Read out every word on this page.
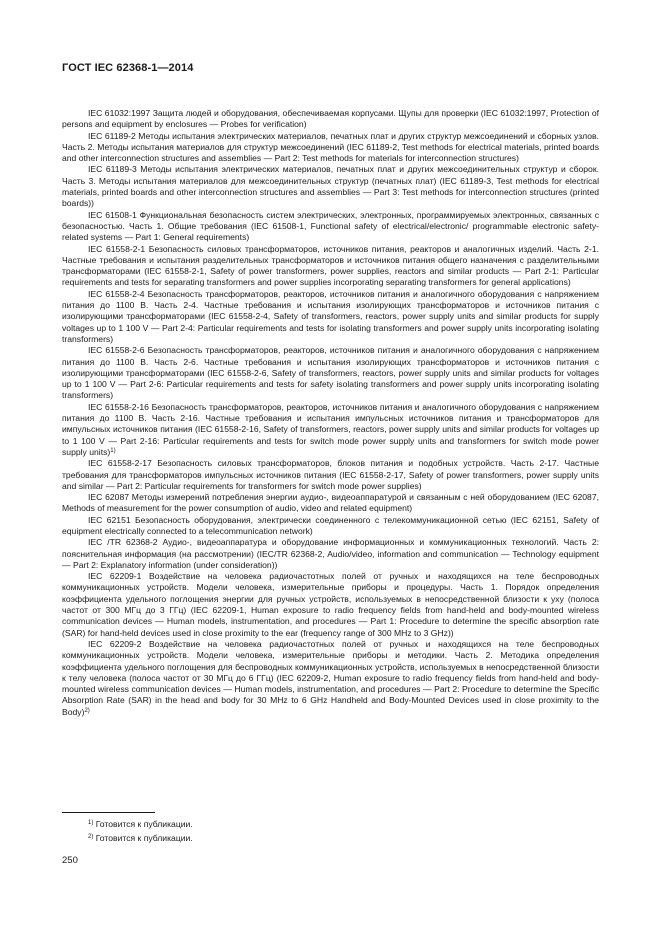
ГОСТ IEC 62368-1—2014

IEC 61032:1997 Защита людей и оборудования, обеспечиваемая корпусами. Щупы для проверки (IEC 61032:1997, Protection of persons and equipment by enclosures — Probes for verification)

IEC 61189-2 Методы испытания электрических материалов, печатных плат и других структур межсоединений и сборных узлов. Часть 2. Методы испытания материалов для структур межсоединений (IEC 61189-2, Test methods for electrical materials, printed boards and other interconnection structures and assemblies — Part 2: Test methods for materials for interconnection structures)

IEC 61189-3 Методы испытания электрических материалов, печатных плат и других межсоединительных структур и сборок. Часть 3. Методы испытания материалов для межсоединительных структур (печатных плат) (IEC 61189-3, Test methods for electrical materials, printed boards and other interconnection structures and assemblies — Part 3: Test methods for interconnection structures (printed boards))

IEC 61508-1 Функциональная безопасность систем электрических, электронных, программируемых электронных, связанных с безопасностью. Часть 1. Общие требования (IEC 61508-1, Functional safety of electrical/electronic/ programmable electronic safety-related systems — Part 1: General requirements)

IEC 61558-2-1 Безопасность силовых трансформаторов, источников питания, реакторов и аналогичных изделий. Часть 2-1. Частные требования и испытания разделительных трансформаторов и источников питания общего назначения с разделительными трансформаторами (IEC 61558-2-1, Safety of power transformers, power supplies, reactors and similar products — Part 2-1: Particular requirements and tests for separating transformers and power supplies incorporating separating transformers for general applications)

IEC 61558-2-4 Безопасность трансформаторов, реакторов, источников питания и аналогичного оборудования с напряжением питания до 1100 В. Часть 2-4. Частные требования и испытания изолирующих трансформаторов и источников питания с изолирующими трансформаторами (IEC 61558-2-4, Safety of transformers, reactors, power supply units and similar products for supply voltages up to 1 100 V — Part 2-4: Particular requirements and tests for isolating transformers and power supply units incorporating isolating transformers)

IEC 61558-2-6 Безопасность трансформаторов, реакторов, источников питания и аналогичного оборудования с напряжением питания до 1100 В. Часть 2-6. Частные требования и испытания изолирующих трансформаторов и источников питания с изолирующими трансформаторами (IEC 61558-2-6, Safety of transformers, reactors, power supply units and similar products for voltages up to 1 100 V — Part 2-6: Particular requirements and tests for safety isolating transformers and power supply units incorporating isolating transformers)

IEC 61558-2-16 Безопасность трансформаторов, реакторов, источников питания и аналогичного оборудования с напряжением питания до 1100 В. Часть 2-16. Частные требования и испытания импульсных источников питания и трансформаторов для импульсных источников питания (IEC 61558-2-16, Safety of transformers, reactors, power supply units and similar products for voltages up to 1 100 V — Part 2-16: Particular requirements and tests for switch mode power supply units and transformers for switch mode power supply units)$^{1)}$

IEC 61558-2-17 Безопасность силовых трансформаторов, блоков питания и подобных устройств. Часть 2-17. Частные требования для трансформаторов импульсных источников питания (IEC 61558-2-17, Safety of power transformers, power supply units and similar — Part 2: Particular requirements for transformers for switch mode power supplies)

IEC 62087 Методы измерений потребления энергии аудио-, видеоаппаратурой и связанным с ней оборудованием (IEC 62087, Methods of measurement for the power consumption of audio, video and related equipment)

IEC 62151 Безопасность оборудования, электрически соединенного с телекоммуникационной сетью (IEC 62151, Safety of equipment electrically connected to a telecommunication network)

IEC /TR 62368-2 Аудио-, видеоаппаратура и оборудование информационных и коммуникационных технологий. Часть 2: пояснительная информация (на рассмотрении) (IEC/TR 62368-2, Audio/video, information and communication — Technology equipment — Part 2: Explanatory information (under consideration))

IEC 62209-1 Воздействие на человека радиочастотных полей от ручных и находящихся на теле беспроводных коммуникационных устройств. Модели человека, измерительные приборы и процедуры. Часть 1. Порядок определения коэффициента удельного поглощения энергии для ручных устройств, используемых в непосредственной близости к уху (полоса частот от 300 МГц до 3 ГГц) (IEC 62209-1, Human exposure to radio frequency fields from hand-held and body-mounted wireless communication devices — Human models, instrumentation, and procedures — Part 1: Procedure to determine the specific absorption rate (SAR) for hand-held devices used in close proximity to the ear (frequency range of 300 MHz to 3 GHz))

IEC 62209-2 Воздействие на человека радиочастотных полей от ручных и находящихся на теле беспроводных коммуникационных устройств. Модели человека, измерительные приборы и методики. Часть 2. Методика определения коэффициента удельного поглощения для беспроводных коммуникационных устройств, используемых в непосредственной близости к телу человека (полоса частот от 30 МГц до 6 ГГц) (IEC 62209-2, Human exposure to radio frequency fields from hand-held and body-mounted wireless communication devices — Human models, instrumentation, and procedures — Part 2: Procedure to determine the Specific Absorption Rate (SAR) in the head and body for 30 MHz to 6 GHz Handheld and Body-Mounted Devices used in close proximity to the Body)$^{2)}$

$^{1)}$ Готовится к публикации.

$^{2)}$ Готовится к публикации.

250
